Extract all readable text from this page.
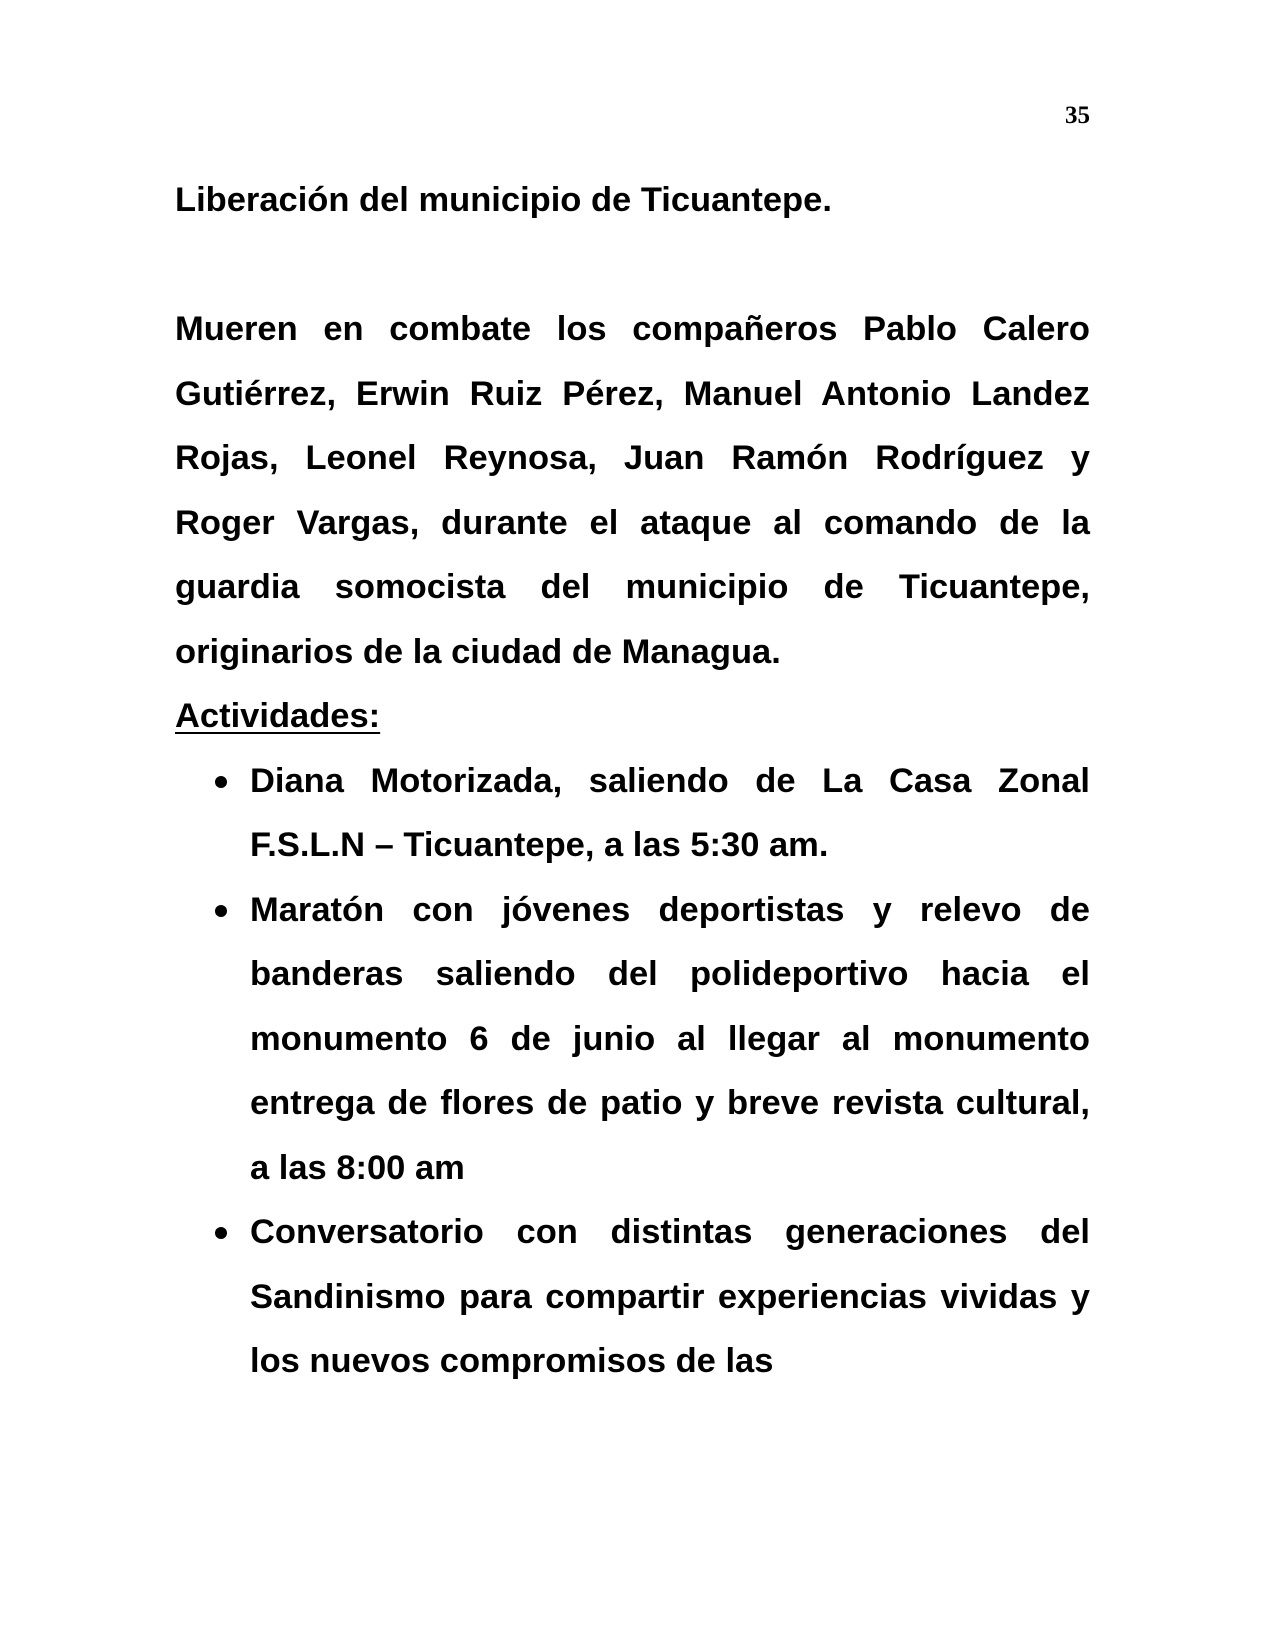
35
Liberación del municipio de Ticuantepe.

Mueren en combate los compañeros Pablo Calero Gutiérrez, Erwin Ruiz Pérez, Manuel Antonio Landez Rojas, Leonel Reynosa, Juan Ramón Rodríguez y Roger Vargas, durante el ataque al comando de la guardia somocista del municipio de Ticuantepe, originarios de la ciudad de Managua.

Actividades:

Diana Motorizada, saliendo de La Casa Zonal F.S.L.N – Ticuantepe, a las 5:30 am.
Maratón con jóvenes deportistas y relevo de banderas saliendo del polideportivo hacia el monumento 6 de junio al llegar al monumento entrega de flores de patio y breve revista cultural, a las 8:00 am
Conversatorio con distintas generaciones del Sandinismo para compartir experiencias vividas y los nuevos compromisos de las
